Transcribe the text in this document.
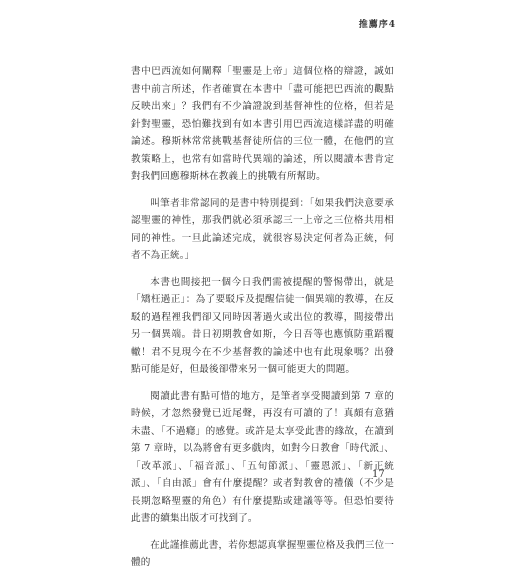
推薦序4

書中巴西流如何闡釋「聖靈是上帝」這個位格的辯證，誠如書中前言所述，作者確實在本書中「盡可能把巴西流的觀點反映出來」？我們有不少論證說到基督神性的位格，但若是針對聖靈，恐怕難找到有如本書引用巴西流這樣詳盡的明確論述。穆斯林常常挑戰基督徒所信的三位一體，在他們的宣教策略上，也常有如當時代異端的論述，所以閱讀本書肯定對我們回應穆斯林在教義上的挑戰有所幫助。

叫筆者非常認同的是書中特別提到：「如果我們決意要承認聖靈的神性，那我們就必須承認三一上帝之三位格共用相同的神性。一旦此論述完成，就很容易決定何者為正統，何者不為正統。」

本書也間接把一個今日我們需被提醒的警惕帶出，就是「矯枉過正」：為了要駁斥及提醒信徒一個異端的教導，在反駁的過程裡我們卻又同時因著過火或出位的教導，間接帶出另一個異端。昔日初期教會如斯，今日吾等也應慎防重蹈覆轍！君不見現今在不少基督教的論述中也有此現象嗎？出發點可能是好，但最後卻帶來另一個可能更大的問題。

閱讀此書有點可惜的地方，是筆者享受閱讀到第 7 章的時候，才忽然發覺已近尾聲，再沒有可讀的了！真頗有意猶未盡、「不過癮」的感覺。或許是太享受此書的緣故，在讀到第 7 章時，以為將會有更多戲肉，如對今日教會「時代派」、「改革派」、「福音派」、「五旬節派」、「靈恩派」、「新正統派」、「自由派」會有什麼提醒？或者對教會的禮儀（不少是長期忽略聖靈的角色）有什麼提點或建議等等。但恐怕要待此書的續集出版才可找到了。

在此謹推薦此書，若你想認真掌握聖靈位格及我們三位一體的

17
